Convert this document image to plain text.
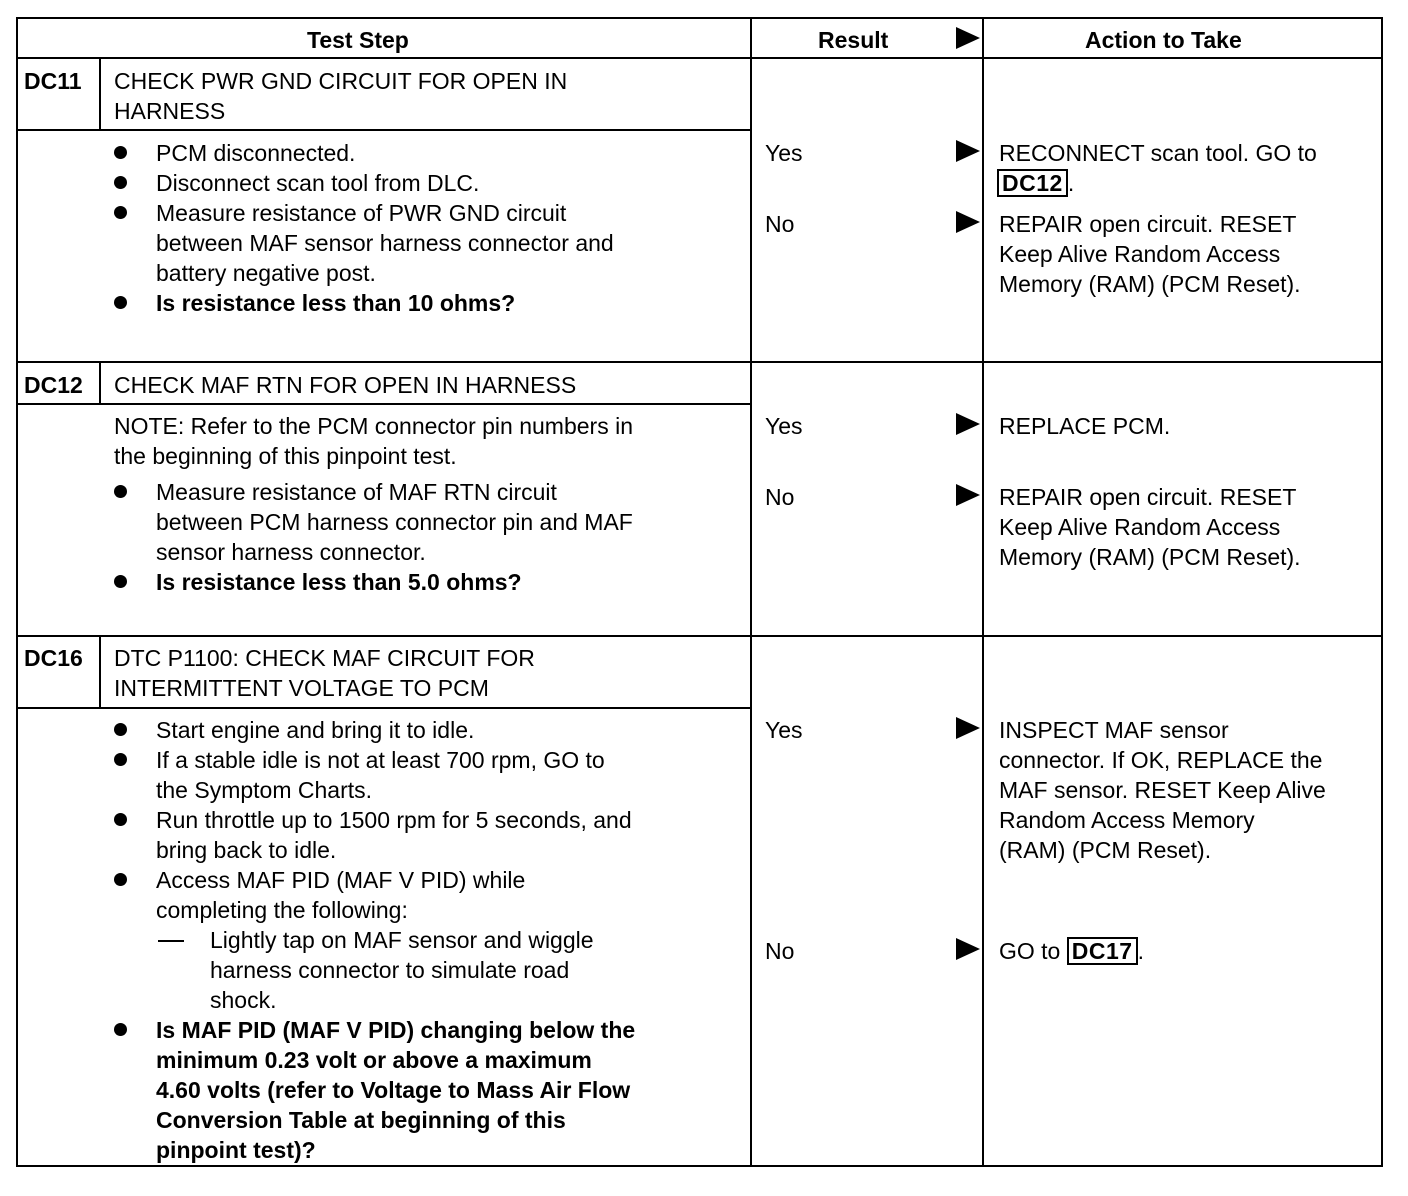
Test Step	Result	Action to Take
DC11 CHECK PWR GND CIRCUIT FOR OPEN IN
HARNESS
PCM disconnected.
Disconnect scan tool from DLC.
Measure resistance of PWR GND circuit
between MAF sensor harness connector and
battery negative post.
Is resistance less than 10 ohms?
Yes
No
RECONNECT scan tool. GO to
DC12 .
REPAIR open circuit. RESET
Keep Alive Random Access
Memory (RAM) (PCM Reset).
DC12 CHECK MAF RTN FOR OPEN IN HARNESS
NOTE: Refer to the PCM connector pin numbers in
the beginning of this pinpoint test.
Measure resistance of MAF RTN circuit
between PCM harness connector pin and MAF
sensor harness connector.
Is resistance less than 5.0 ohms?
Yes
No
REPLACE PCM.
REPAIR open circuit. RESET
Keep Alive Random Access
Memory (RAM) (PCM Reset).
DC16 DTC P1100: CHECK MAF CIRCUIT FOR
INTERMITTENT VOLTAGE TO PCM
Start engine and bring it to idle.
If a stable idle is not at least 700 rpm, GO to
the Symptom Charts.
Run throttle up to 1500 rpm for 5 seconds, and
bring back to idle.
Access MAF PID (MAF V PID) while
completing the following:
Lightly tap on MAF sensor and wiggle
harness connector to simulate road
shock.
Is MAF PID (MAF V PID) changing below the
minimum 0.23 volt or above a maximum
4.60 volts (refer to Voltage to Mass Air Flow
Conversion Table at beginning of this
pinpoint test)?
Yes
No
INSPECT MAF sensor
connector. If OK, REPLACE the
MAF sensor. RESET Keep Alive
Random Access Memory
(RAM) (PCM Reset).
GO to DC17 .
